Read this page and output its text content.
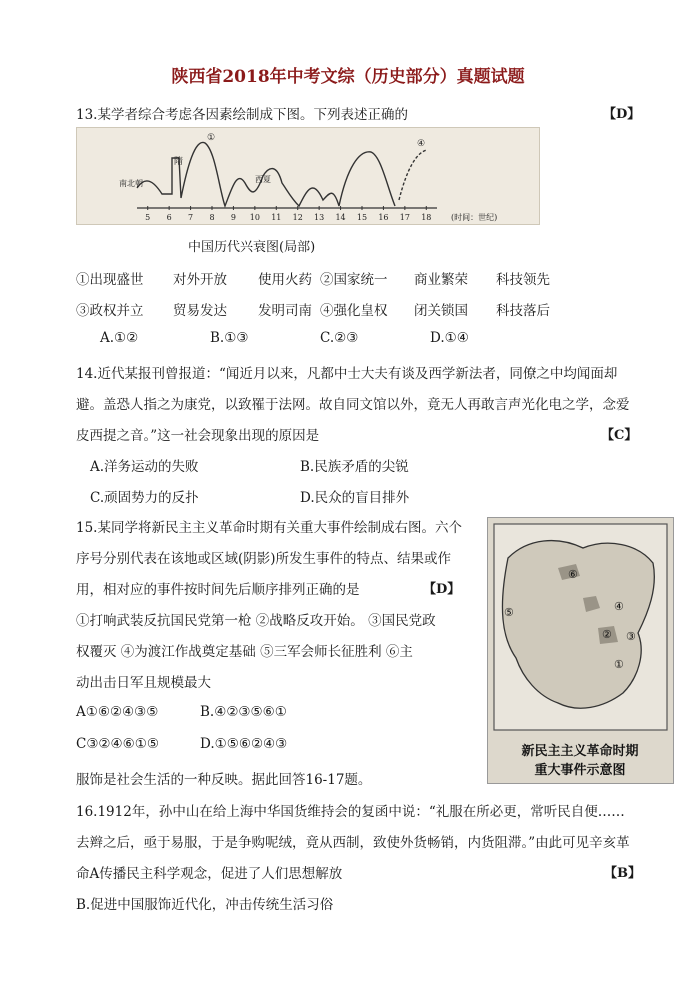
陕西省2018年中考文综（历史部分）真题试题
13.某学者综合考虑各因素绘制成下图。下列表述正确的	【D】
5 6 7 8 9 10 11 12 13 14 15 16 17 18
①
④
隋
南北朝	西夏
(时间：世纪)
中国历代兴衰图(局部)
①出现盛世 对外开放 使用火药 ②国家统一 商业繁荣 科技领先
③政权并立 贸易发达 发明司南 ④强化皇权 闭关锁国 科技落后
A.①②	B.①③	C.②③	D.①④
14.近代某报刊曾报道：“闻近月以来，凡都中士大夫有谈及西学新法者，同僚之中均闻面却
避。盖恐人指之为康党，以致罹于法网。故自同文馆以外，竟无人再敢言声光化电之学，念爱
皮西提之音。”这一社会现象出现的原因是	【C】
A.洋务运动的失败	B.民族矛盾的尖锐
C.顽固势力的反扑	D.民众的盲目排外
15.某同学将新民主主义革命时期有关重大事件绘制成右图。六个
序号分别代表在该地或区域(阴影)所发生事件的特点、结果或作
用，相对应的事件按时间先后顺序排列正确的是	【D】
①打响武装反抗国民党第一枪 ②战略反攻开始。 ③国民党政
权覆灭 ④为渡江作战奠定基础 ⑤三军会师长征胜利 ⑥主
动出击日军且规模最大
A①⑥②④③⑤	B.④②③⑤⑥①
C③②④⑥①⑤	D.①⑤⑥②④③
①
② ③
④
⑤
⑥
新民主主义革命时期
重大事件示意图
服饰是社会生活的一种反映。据此回答16-17题。
16.1912年，孙中山在给上海中华国货维持会的复函中说：“礼服在所必更，常听民自便……
去辫之后，亟于易服，于是争购呢绒，竟从西制，致使外货畅销，内货阻滞。”由此可见辛亥革
命A传播民主科学观念，促进了人们思想解放	【B】
B.促进中国服饰近代化，冲击传统生活习俗
